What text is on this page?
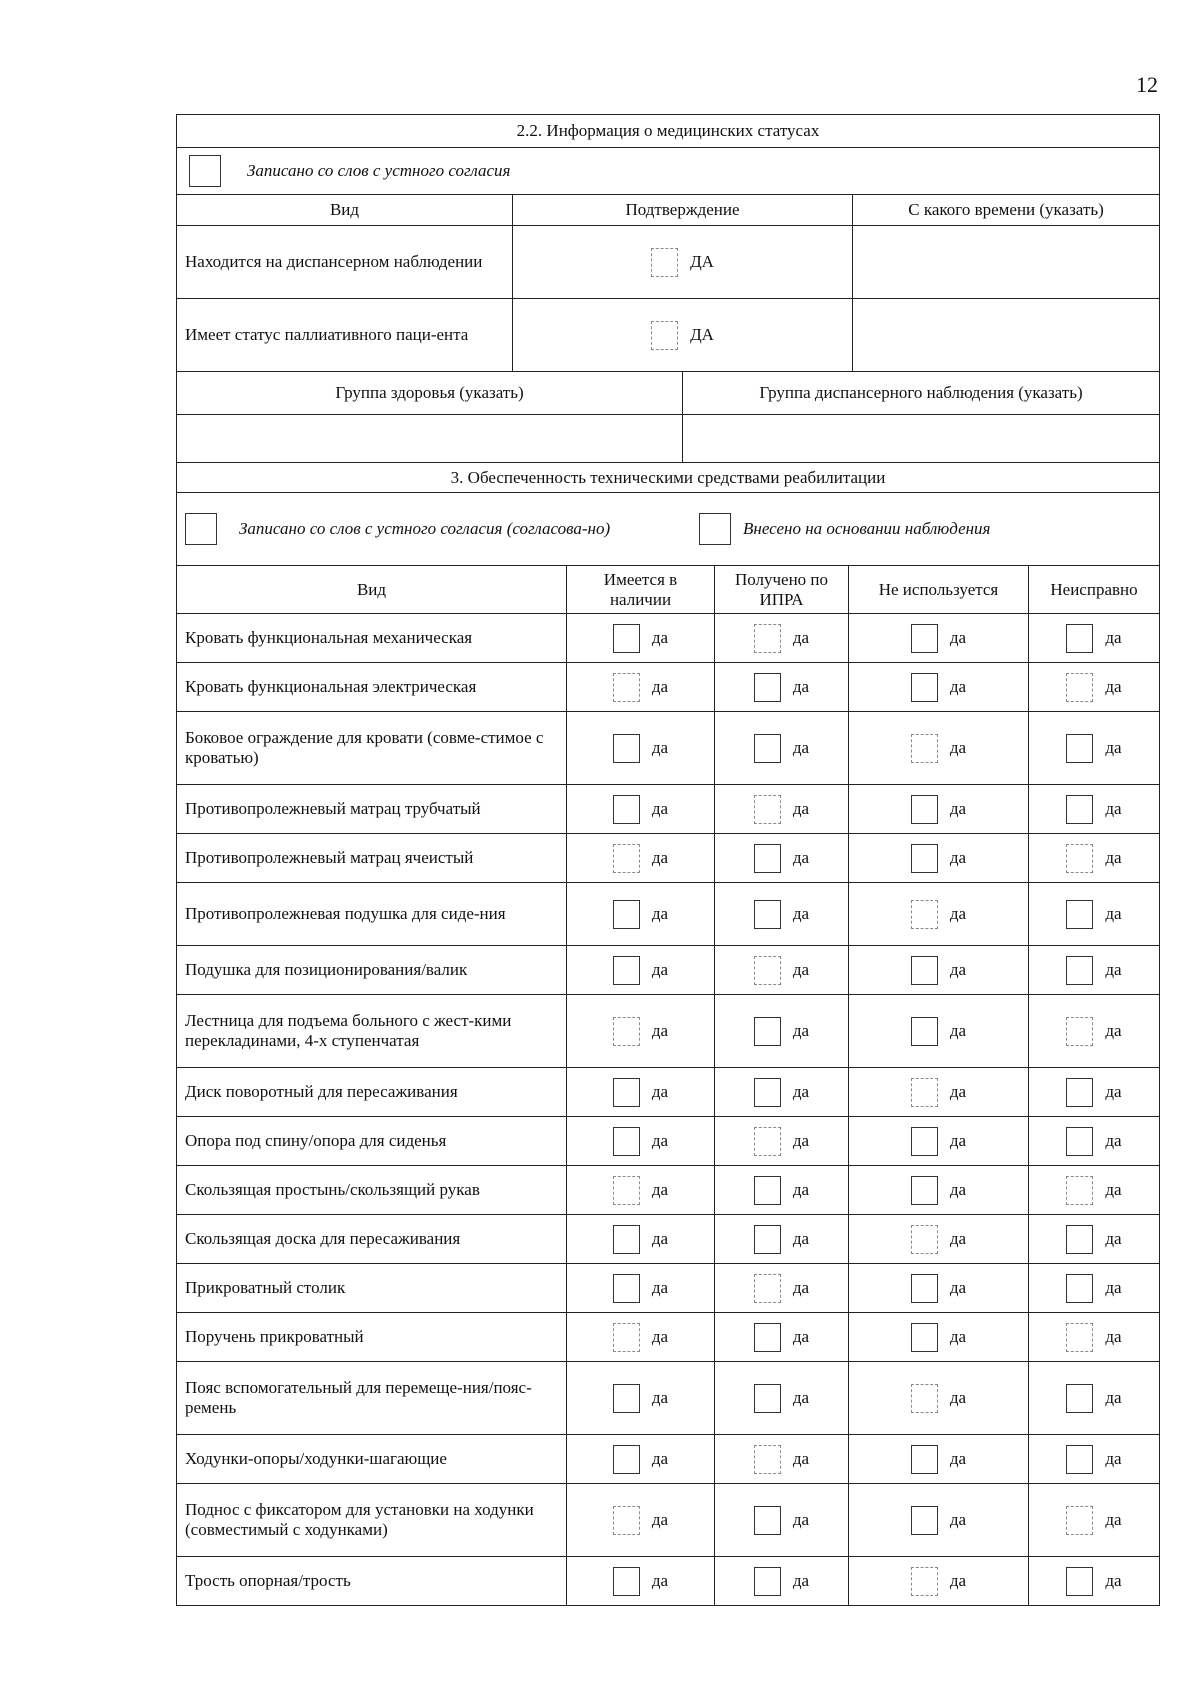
12
2.2. Информация о медицинских статусах		

Записано со слов с устного согласия		

Вид	Подтверждение	С какого времени (указать)
Находится на диспансерном наблюдении	ДА	

Имеет статус паллиативного паци-ента	ДА	

Группа здоровья (указать)	Группа диспансерного наблюдения (указать)

3. Обеспеченность техническими средствами реабилитации				

Записано со слов с устного согласия (согласова-но) Внесено на основании наблюдения				

Вид	Имеется в наличии	Получено по ИПРА	Не используется	Неисправно
Кровать функциональная механическая	да	да	да	да

Кровать функциональная электрическая	да	да	да	да

Боковое ограждение для кровати (совме-стимое с кроватью)	да	да	да	да

Противопролежневый матрац трубчатый	да	да	да	да

Противопролежневый матрац ячеистый	да	да	да	да

Противопролежневая подушка для сиде-ния	да	да	да	да

Подушка для позиционирования/валик	да	да	да	да

Лестница для подъема больного с жест-кими перекладинами, 4-х ступенчатая	да	да	да	да

Диск поворотный для пересаживания	да	да	да	да

Опора под спину/опора для сиденья	да	да	да	да

Скользящая простынь/скользящий рукав	да	да	да	да

Скользящая доска для пересаживания	да	да	да	да

Прикроватный столик	да	да	да	да

Поручень прикроватный	да	да	да	да

Пояс вспомогательный для перемеще-ния/пояс-ремень	да	да	да	да

Ходунки-опоры/ходунки-шагающие	да	да	да	да

Поднос с фиксатором для установки на ходунки (совместимый с ходунками)	да	да	да	да

Трость опорная/трость	да	да	да	да
